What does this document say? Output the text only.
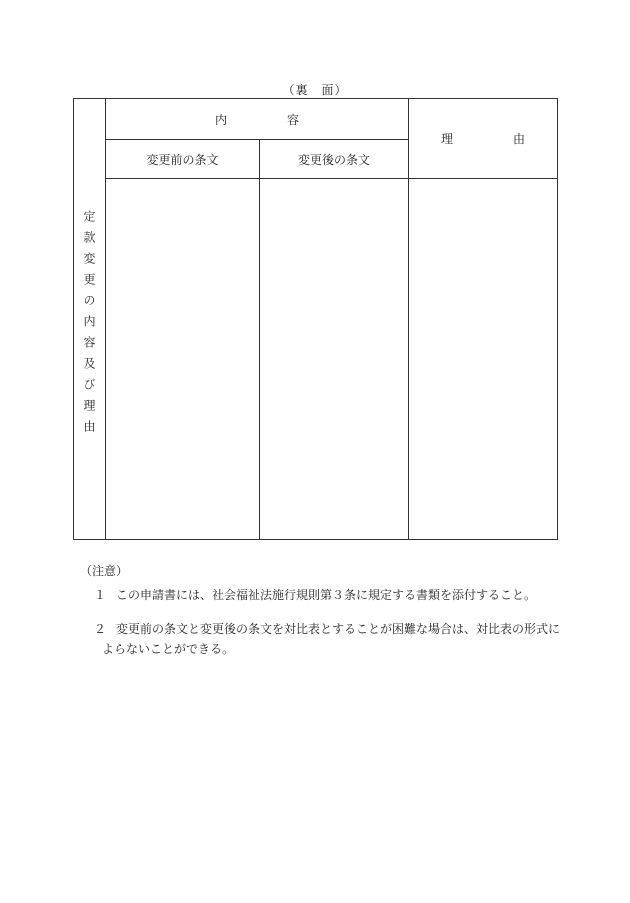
（裏　面）
定款変更の内容及び理由	内　　　　　容		理　　　　　由
	変更前の条文	変更後の条文	

（注意）

１ この申請書には、社会福祉法施行規則第３条に規定する書類を添付すること。

２ 変更前の条文と変更後の条文を対比表とすることが困難な場合は、対比表の形式に
よらないことができる。
